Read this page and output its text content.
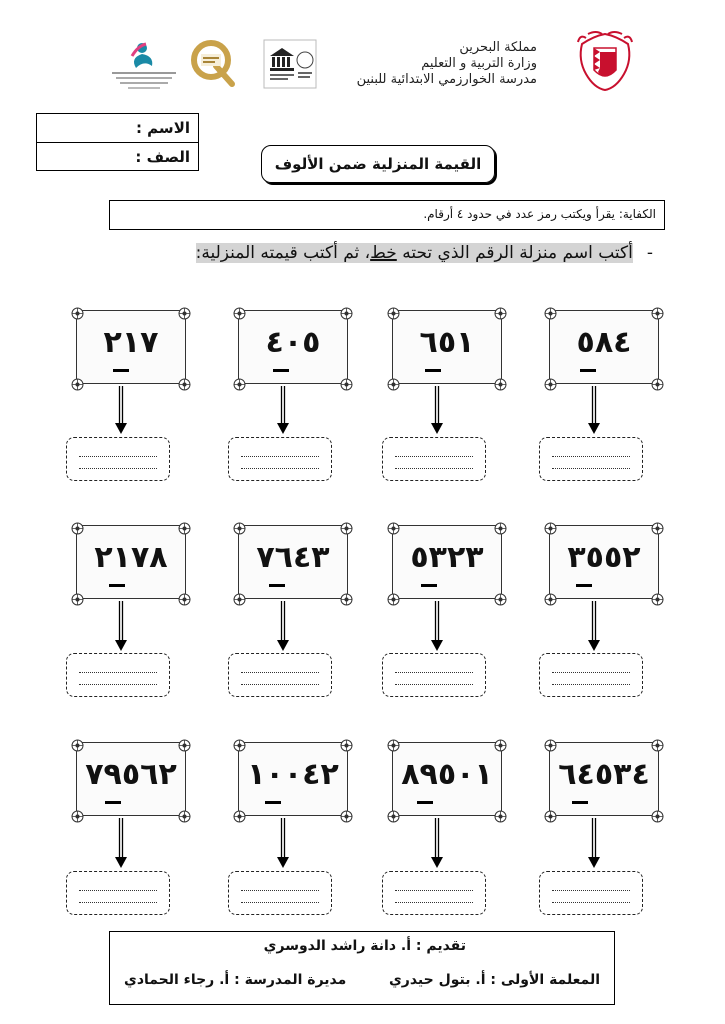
مملكة البحرين
وزارة التربية و التعليم
مدرسة الخوارزمي الابتدائية للبنين
الاسم :
الصف :	القيمة المنزلية ضمن الألوف
الكفاية: يقرأ ويكتب رمز عدد في حدود ٤ أرقام.
-أكتب اسم منزلة الرقم الذي تحته خط، ثم أكتب قيمته المنزلية:
٥٨٤
٦٥١
٤٠٥
٢١٧
٣٥٥٢
٥٣٢٣
٧٦٤٣
٢١٧٨
٦٤٥٣٤
٨٩٥٠١
١٠٠٤٢
٧٩٥٦٢
تقديم : أ. دانة راشد الدوسري
المعلمة الأولى : أ. بتول حيدري
مديرة المدرسة : أ. رجاء الحمادي
